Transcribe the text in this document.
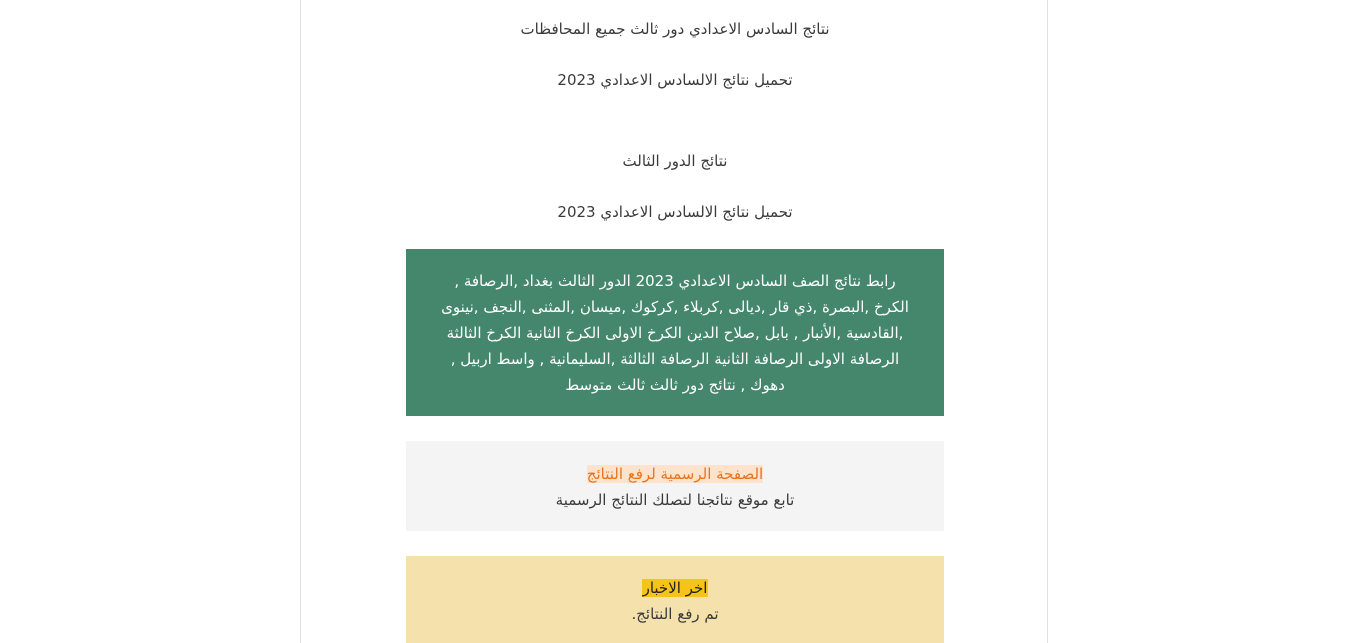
نتائج السادس الاعدادي دور ثالث جميع المحافظات
تحميل نتائج الالسادس الاعدادي 2023
نتائج الدور الثالث
تحميل نتائج الالسادس الاعدادي 2023
رابط نتائج الصف السادس الاعدادي 2023 الدور الثالث بغداد ,الرصافة , الكرخ ,البصرة ,ذي قار ,ديالى ,كربلاء ,كركوك ,ميسان ,المثنى ,النجف ,نينوى ,القادسية ,الأنبار , بابل ,صلاح الدين الكرخ الاولى الكرخ الثانية الكرخ الثالثة الرصافة الاولى الرصافة الثانية الرصافة الثالثة ,السليمانية , واسط اربيل , دهوك , نتائج دور ثالث ثالث متوسط
الصفحة الرسمية لرفع النتائج
تابع موقع نتائجنا لتصلك النتائج الرسمية
اخر الاخبار
تم رفع النتائج.
